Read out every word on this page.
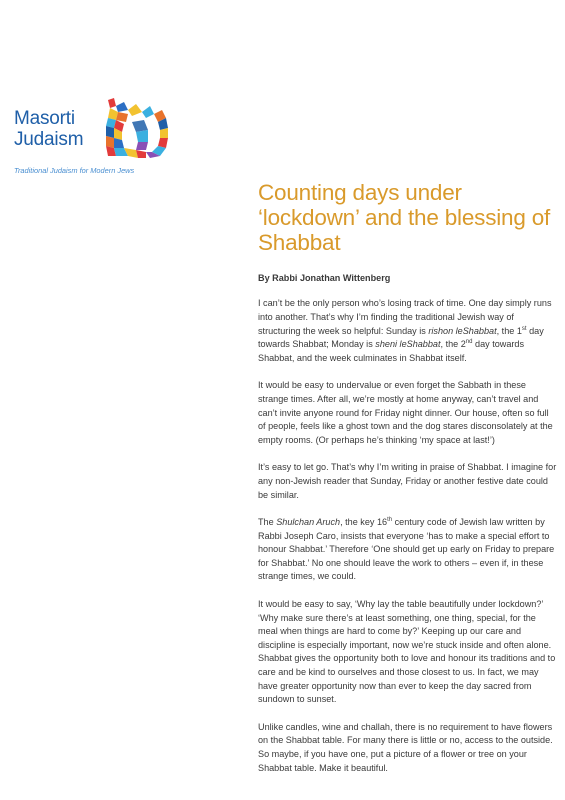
Masorti
Judaism
Traditional Judaism for Modern Jews
Counting days under ‘lockdown’ and the blessing of Shabbat
By Rabbi Jonathan Wittenberg

I can’t be the only person who’s losing track of time. One day simply runs into another. That’s why I’m finding the traditional Jewish way of structuring the week so helpful: Sunday is rishon leShabbat, the 1st day towards Shabbat; Monday is sheni leShabbat, the 2nd day towards Shabbat, and the week culminates in Shabbat itself.

It would be easy to undervalue or even forget the Sabbath in these strange times. After all, we’re mostly at home anyway, can’t travel and can’t invite anyone round for Friday night dinner. Our house, often so full of people, feels like a ghost town and the dog stares disconsolately at the empty rooms. (Or perhaps he’s thinking ‘my space at last!’)

It’s easy to let go. That’s why I’m writing in praise of Shabbat. I imagine for any non-Jewish reader that Sunday, Friday or another festive date could be similar.

The Shulchan Aruch, the key 16th century code of Jewish law written by Rabbi Joseph Caro, insists that everyone ‘has to make a special effort to honour Shabbat.’ Therefore ‘One should get up early on Friday to prepare for Shabbat.’ No one should leave the work to others – even if, in these strange times, we could.

It would be easy to say, ‘Why lay the table beautifully under lockdown?’ ‘Why make sure there’s at least something, one thing, special, for the meal when things are hard to come by?’ Keeping up our care and discipline is especially important, now we’re stuck inside and often alone. Shabbat gives the opportunity both to love and honour its traditions and to care and be kind to ourselves and those closest to us. In fact, we may have greater opportunity now than ever to keep the day sacred from sundown to sunset.

Unlike candles, wine and challah, there is no requirement to have flowers on the Shabbat table. For many there is little or no, access to the outside. So maybe, if you have one, put a picture of a flower or tree on your Shabbat table. Make it beautiful.
